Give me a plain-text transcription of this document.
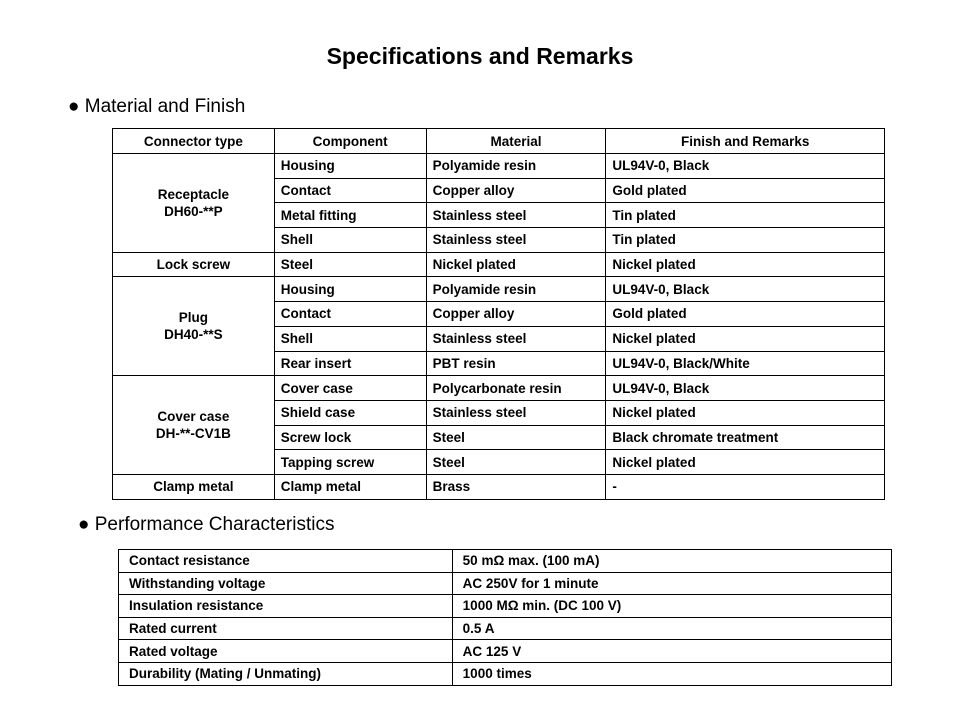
Specifications and Remarks
● Material and Finish
Connector type	Component	Material	Finish and Remarks
Receptacle
DH60-**P	Housing	Polyamide resin	UL94V-0, Black
	Contact	Copper alloy	Gold plated
	Metal fitting	Stainless steel	Tin plated
	Shell	Stainless steel	Tin plated
Lock screw	Steel	Nickel plated	Nickel plated
Plug
DH40-**S	Housing	Polyamide resin	UL94V-0, Black
	Contact	Copper alloy	Gold plated
	Shell	Stainless steel	Nickel plated
	Rear insert	PBT resin	UL94V-0, Black/White
Cover case
DH-**-CV1B	Cover case	Polycarbonate resin	UL94V-0, Black
	Shield case	Stainless steel	Nickel plated
	Screw lock	Steel	Black chromate treatment
	Tapping screw	Steel	Nickel plated
Clamp metal	Clamp metal	Brass	-
● Performance Characteristics
Contact resistance	50 mΩ max. (100 mA)
Withstanding voltage	AC 250V for 1 minute
Insulation resistance	1000 MΩ min. (DC 100 V)
Rated current	0.5 A
Rated voltage	AC 125 V
Durability (Mating / Unmating)	1000 times
